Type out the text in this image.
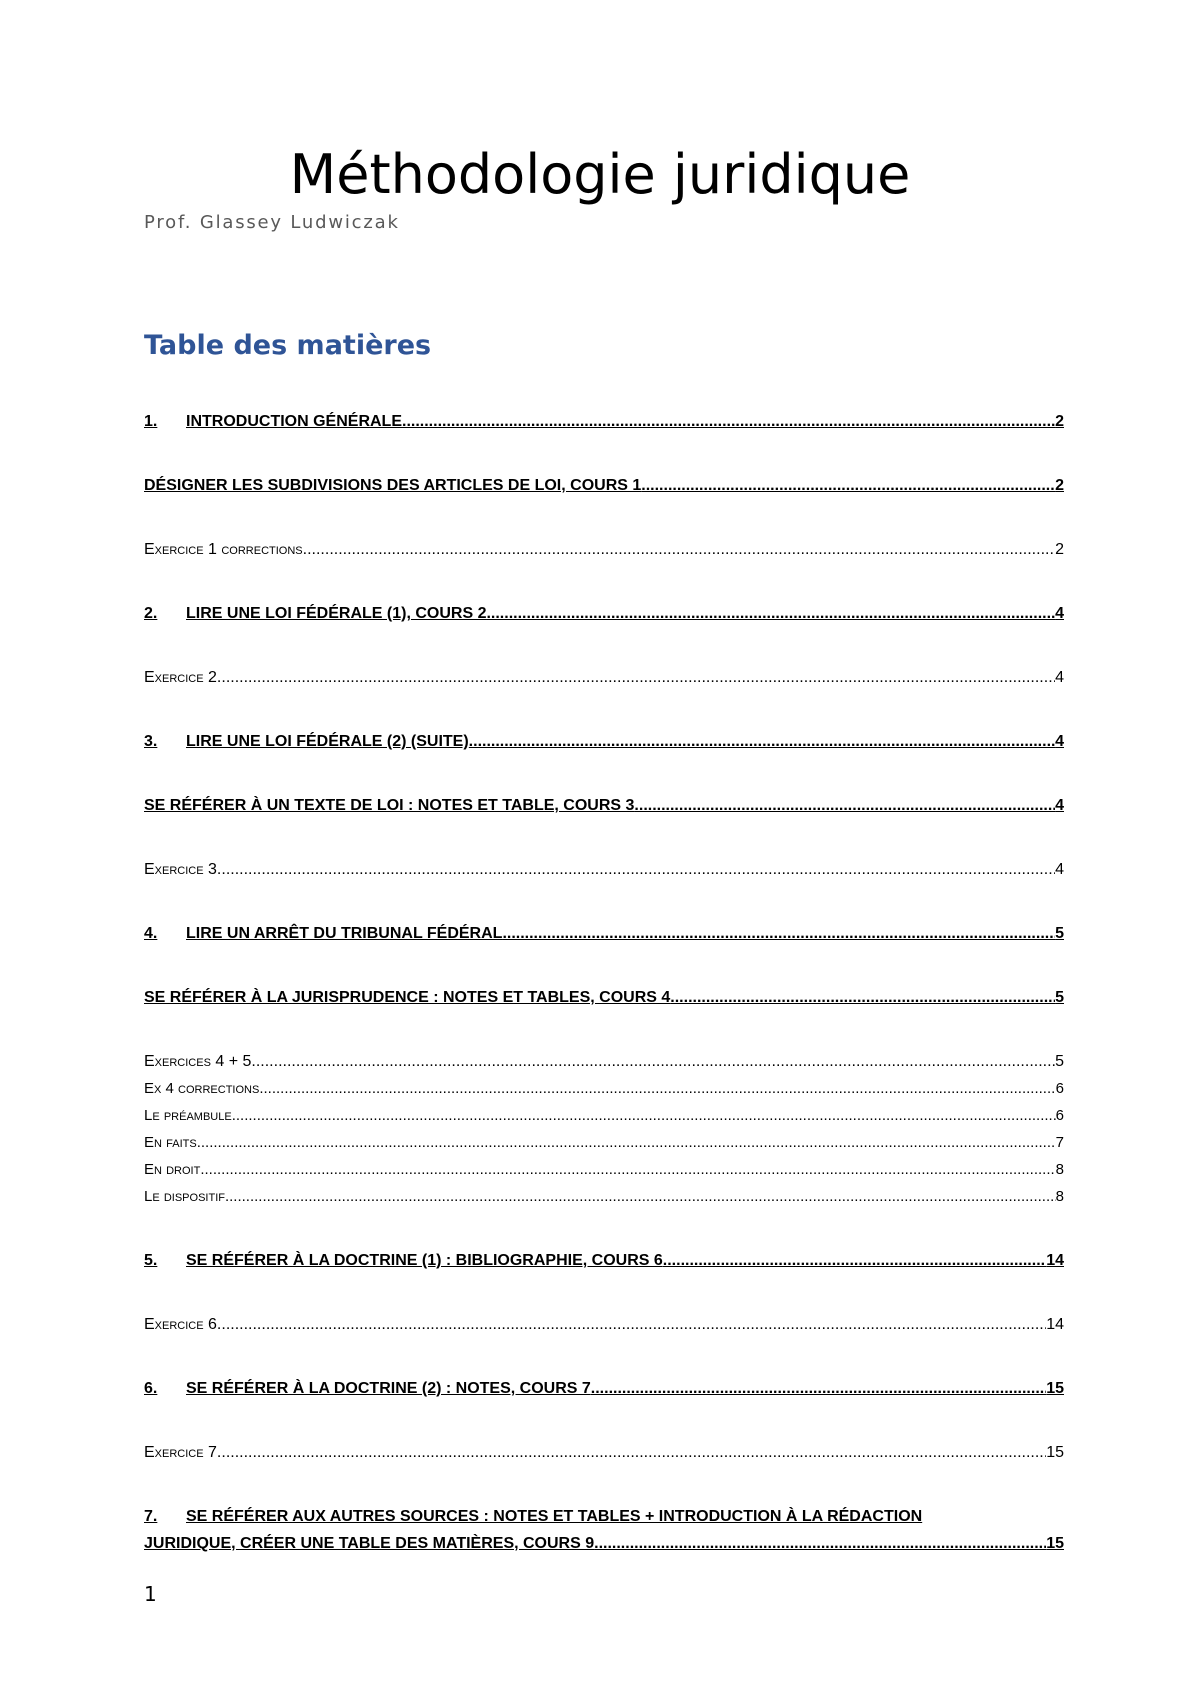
Méthodologie juridique
Prof. Glassey Ludwiczak
Table des matières
1.	INTRODUCTION GÉNÉRALE .....	2
DÉSIGNER LES SUBDIVISIONS DES ARTICLES DE LOI, COURS 1 .....	2
Exercice 1 corrections .....	2
2.	LIRE UNE LOI FÉDÉRALE (1), COURS 2 .....	4
Exercice 2 .....	4
3.	LIRE UNE LOI FÉDÉRALE (2) (SUITE) .....	4
SE RÉFÉRER À UN TEXTE DE LOI : NOTES ET TABLE, COURS 3 .....	4
Exercice 3 .....	4
4.	LIRE UN ARRÊT DU TRIBUNAL FÉDÉRAL .....	5
SE RÉFÉRER À LA JURISPRUDENCE : NOTES ET TABLES, COURS 4 .....	5
Exercices 4 + 5 .....	5
Ex 4 corrections .....	6
Le préambule .....	6
En faits .....	7
En droit .....	8
Le dispositif .....	8
5.	SE RÉFÉRER À LA DOCTRINE (1) : BIBLIOGRAPHIE, COURS 6 .....	14
Exercice 6 .....	14
6.	SE RÉFÉRER À LA DOCTRINE (2) : NOTES, COURS 7 .....	15
Exercice 7 .....	15
7.	SE RÉFÉRER AUX AUTRES SOURCES : NOTES ET TABLES + INTRODUCTION À LA RÉDACTION
JURIDIQUE, CRÉER UNE TABLE DES MATIÈRES, COURS 9 .....	15
1
